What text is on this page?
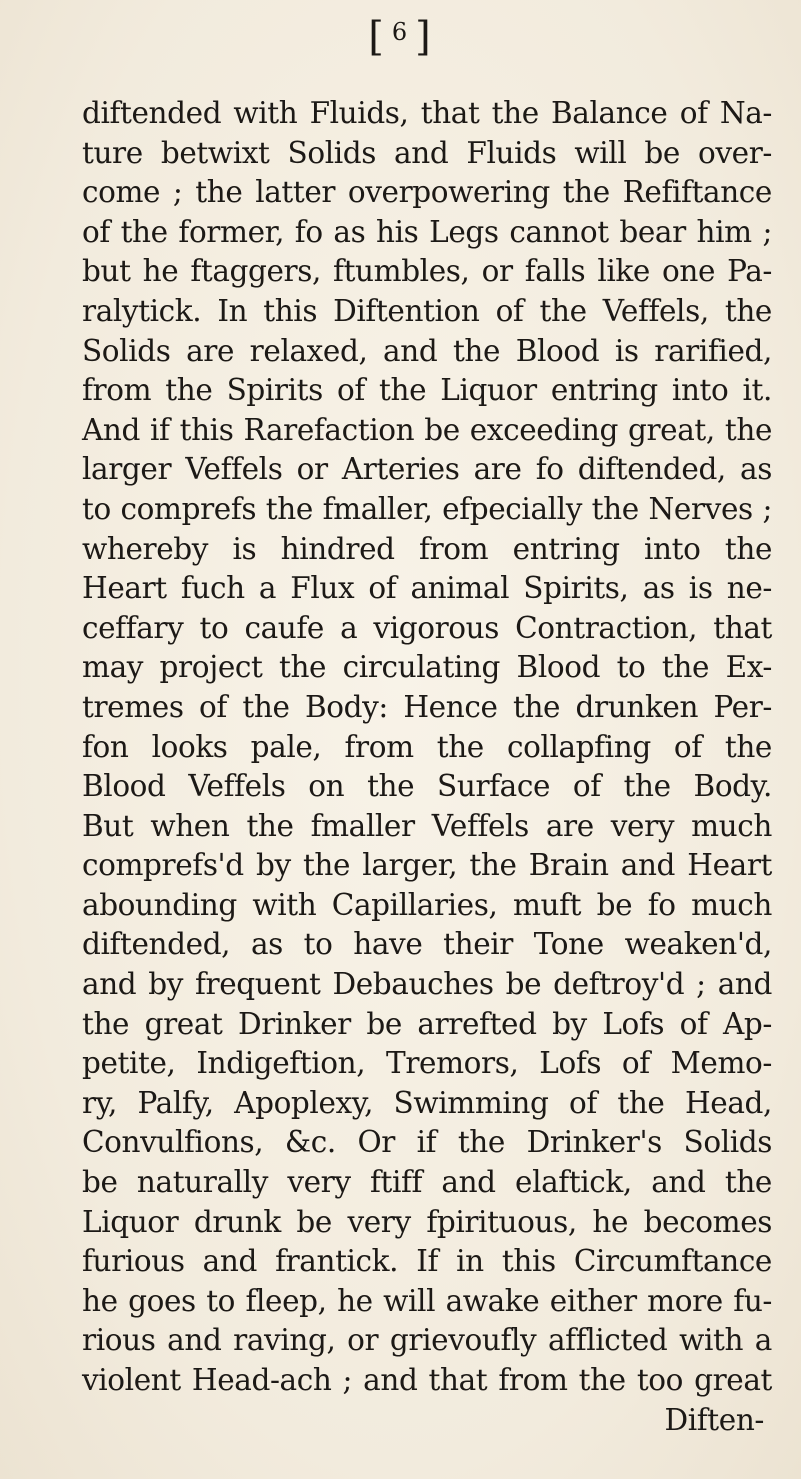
[ $^6$ ]
diftended with Fluids, that the Balance of Na-
ture betwixt Solids and Fluids will be over-
come ; the latter overpowering the Refiftance
of the former, fo as his Legs cannot bear him ;
but he ftaggers, ftumbles, or falls like one Pa-
ralytick. In this Diftention of the Veffels, the
Solids are relaxed, and the Blood is rarified,
from the Spirits of the Liquor entring into it.
And if this Rarefaction be exceeding great, the
larger Veffels or Arteries are fo diftended, as
to comprefs the fmaller, efpecially the Nerves ;
whereby is hindred from entring into the
Heart fuch a Flux of animal Spirits, as is ne-
ceffary to caufe a vigorous Contraction, that
may project the circulating Blood to the Ex-
tremes of the Body: Hence the drunken Per-
fon looks pale, from the collapfing of the
Blood Veffels on the Surface of the Body.
But when the fmaller Veffels are very much
comprefs'd by the larger, the Brain and Heart
abounding with Capillaries, muft be fo much
diftended, as to have their Tone weaken'd,
and by frequent Debauches be deftroy'd ; and
the great Drinker be arrefted by Lofs of Ap-
petite, Indigeftion, Tremors, Lofs of Memo-
ry, Palfy, Apoplexy, Swimming of the Head,
Convulfions, &c. Or if the Drinker's Solids
be naturally very ftiff and elaftick, and the
Liquor drunk be very fpirituous, he becomes
furious and frantick. If in this Circumftance
he goes to fleep, he will awake either more fu-
rious and raving, or grievoufly afflicted with a
violent Head-ach ; and that from the too great
Diften-
